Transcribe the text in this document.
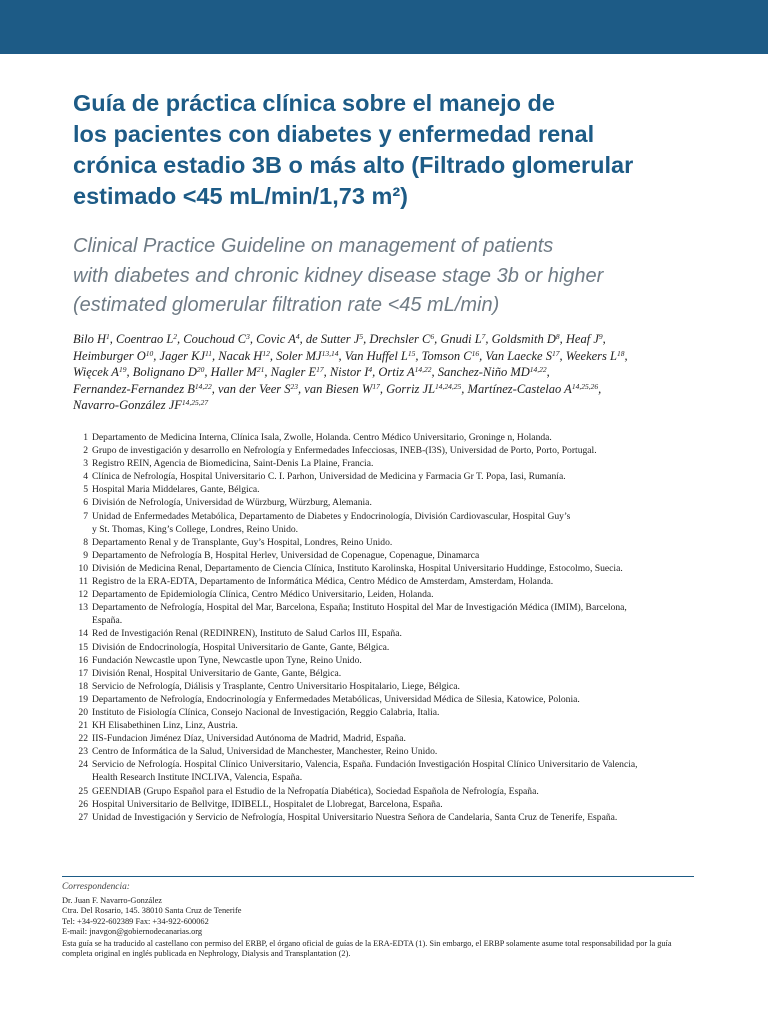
Guía de práctica clínica sobre el manejo de
los pacientes con diabetes y enfermedad renal
crónica estadio 3B o más alto (Filtrado glomerular
estimado <45 mL/min/1,73 m²)
Clinical Practice Guideline on management of patients
with diabetes and chronic kidney disease stage 3b or higher
(estimated glomerular filtration rate <45 mL/min)
Bilo $H^1$, Coentrao $L^2$, Couchoud $C^3$, Covic $A^4$, de Sutter $J^5$, Drechsler $C^6$, Gnudi $L^7$, Goldsmith $D^8$, Heaf $J^9$,
Heimburger $O^{10}$, Jager KJ$^{11}$, Nacak $H^{12}$, Soler MJ$^{13,14}$, Van Huffel $L^{15}$, Tomson $C^{16}$, Van Laecke $S^{17}$, Weekers $L^{18}$,
Więcek $A^{19}$, Bolignano $D^{20}$, Haller $M^{21}$, Nagler $E^{17}$, Nistor $I^4$, Ortiz A$^{14,22}$, Sanchez-Niño MD$^{14,22}$,
Fernandez-Fernandez B$^{14,22}$, van der Veer $S^{23}$, van Biesen $W^{17}$, Gorriz JL$^{14,24,25}$, Martínez-Castelao A$^{14,25,26}$,
Navarro-González JF$^{14,25,27}$
1 Departamento de Medicina Interna, Clínica Isala, Zwolle, Holanda. Centro Médico Universitario, Groninge n, Holanda.
2 Grupo de investigación y desarrollo en Nefrología y Enfermedades Infecciosas, INEB-(I3S), Universidad de Porto, Porto, Portugal.
3 Registro REIN, Agencia de Biomedicina, Saint-Denis La Plaine, Francia.
4 Clínica de Nefrología, Hospital Universitario C. I. Parhon, Universidad de Medicina y Farmacia Gr T. Popa, Iasi, Rumanía.
5 Hospital Maria Middelares, Gante, Bélgica.
6 División de Nefrología, Universidad de Würzburg, Würzburg, Alemania.
7 Unidad de Enfermedades Metabólica, Departamento de Diabetes y Endocrinología, División Cardiovascular, Hospital Guy’s
y St. Thomas, King’s College, Londres, Reino Unido.
8 Departamento Renal y de Transplante, Guy’s Hospital, Londres, Reino Unido.
9 Departamento de Nefrología B, Hospital Herlev, Universidad de Copenague, Copenague, Dinamarca
10 División de Medicina Renal, Departamento de Ciencia Clínica, Instituto Karolinska, Hospital Universitario Huddinge, Estocolmo, Suecia.
11 Registro de la ERA-EDTA, Departamento de Informática Médica, Centro Médico de Amsterdam, Amsterdam, Holanda.
12 Departamento de Epidemiología Clínica, Centro Médico Universitario, Leiden, Holanda.
13 Departamento de Nefrología, Hospital del Mar, Barcelona, España; Instituto Hospital del Mar de Investigación Médica (IMIM), Barcelona,
España.
14 Red de Investigación Renal (REDINREN), Instituto de Salud Carlos III, España.
15 División de Endocrinología, Hospital Universitario de Gante, Gante, Bélgica.
16 Fundación Newcastle upon Tyne, Newcastle upon Tyne, Reino Unido.
17 División Renal, Hospital Universitario de Gante, Gante, Bélgica.
18 Servicio de Nefrología, Diálisis y Trasplante, Centro Universitario Hospitalario, Liege, Bélgica.
19 Departamento de Nefrología, Endocrinología y Enfermedades Metabólicas, Universidad Médica de Silesia, Katowice, Polonia.
20 Instituto de Fisiología Clínica, Consejo Nacional de Investigación, Reggio Calabria, Italia.
21 KH Elisabethinen Linz, Linz, Austria.
22 IIS-Fundacion Jiménez Díaz, Universidad Autónoma de Madrid, Madrid, España.
23 Centro de Informática de la Salud, Universidad de Manchester, Manchester, Reino Unido.
24 Servicio de Nefrología. Hospital Clínico Universitario, Valencia, España. Fundación Investigación Hospital Clínico Universitario de Valencia,
Health Research Institute INCLIVA, Valencia, España.
25 GEENDIAB (Grupo Español para el Estudio de la Nefropatía Diabética), Sociedad Española de Nefrología, España.
26 Hospital Universitario de Bellvitge, IDIBELL, Hospitalet de Llobregat, Barcelona, España.
27 Unidad de Investigación y Servicio de Nefrología, Hospital Universitario Nuestra Señora de Candelaria, Santa Cruz de Tenerife, España.
Correspondencia:
Dr. Juan F. Navarro-González
Ctra. Del Rosario, 145. 38010 Santa Cruz de Tenerife
Tel: +34-922-602389 Fax: +34-922-600062
E-mail: jnavgon@gobiernodecanarias.org
Esta guía se ha traducido al castellano con permiso del ERBP, el órgano oficial de guías de la ERA-EDTA (1). Sin embargo, el ERBP solamente asume total responsabilidad por la guía completa original en inglés publicada en Nephrology, Dialysis and Transplantation (2).
